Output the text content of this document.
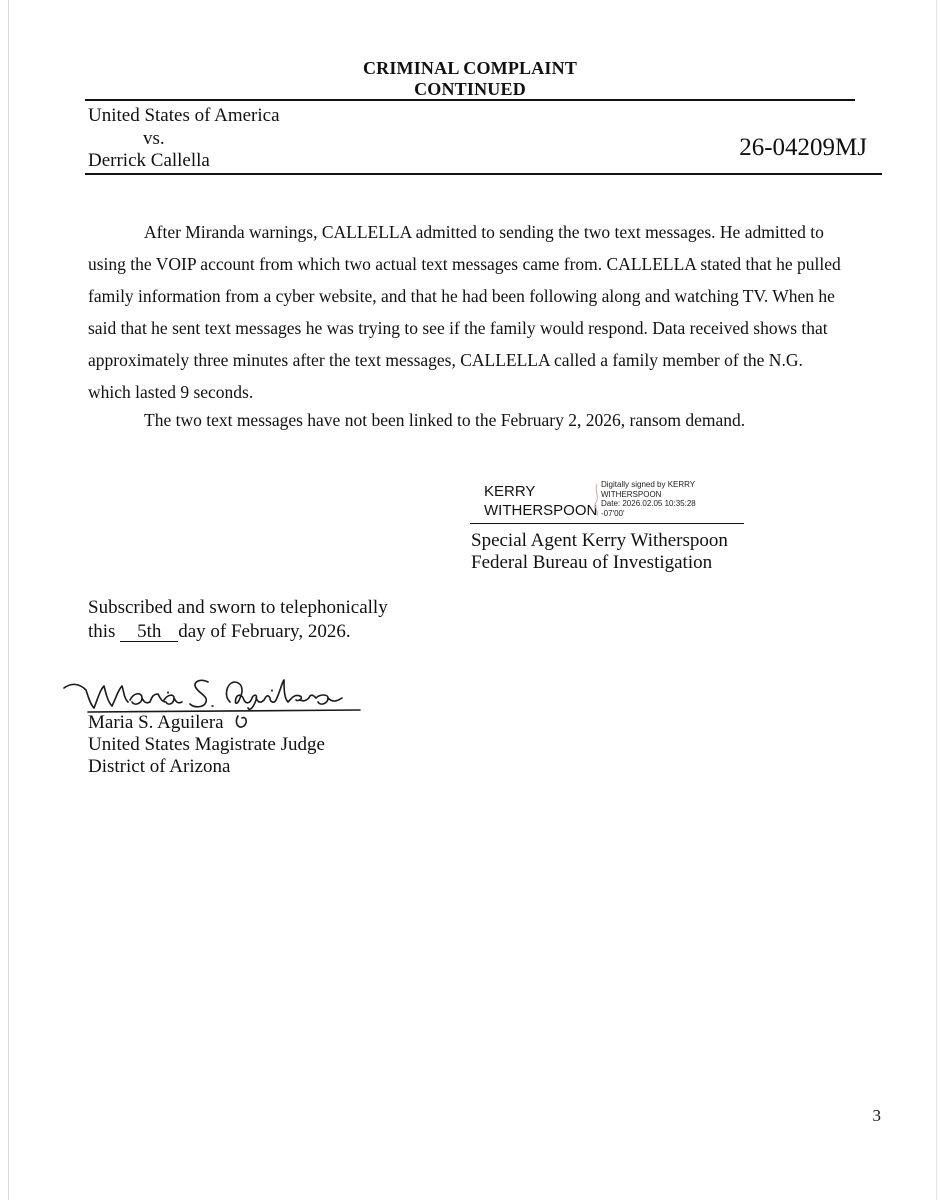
CRIMINAL COMPLAINT
CONTINUED
United States of America
vs.
Derrick Callella	26-04209MJ

After Miranda warnings, CALLELLA admitted to sending the two text messages. He admitted to

using the VOIP account from which two actual text messages came from. CALLELLA stated that he pulled
family information from a cyber website, and that he had been following along and watching TV. When he
said that he sent text messages he was trying to see if the family would respond. Data received shows that
approximately three minutes after the text messages, CALLELLA called a family member of the N.G.
which lasted 9 seconds.

The two text messages have not been linked to the February 2, 2026, ransom demand.

KERRY
WITHERSPOON
Digitally signed by KERRY
WITHERSPOON
Date: 2026.02.05 10:35:28
-07'00'
Special Agent Kerry Witherspoon
Federal Bureau of Investigation
Subscribed and sworn to telephonically
this 5th day of February, 2026.
Maria S. Aguilera
United States Magistrate Judge
District of Arizona
3
